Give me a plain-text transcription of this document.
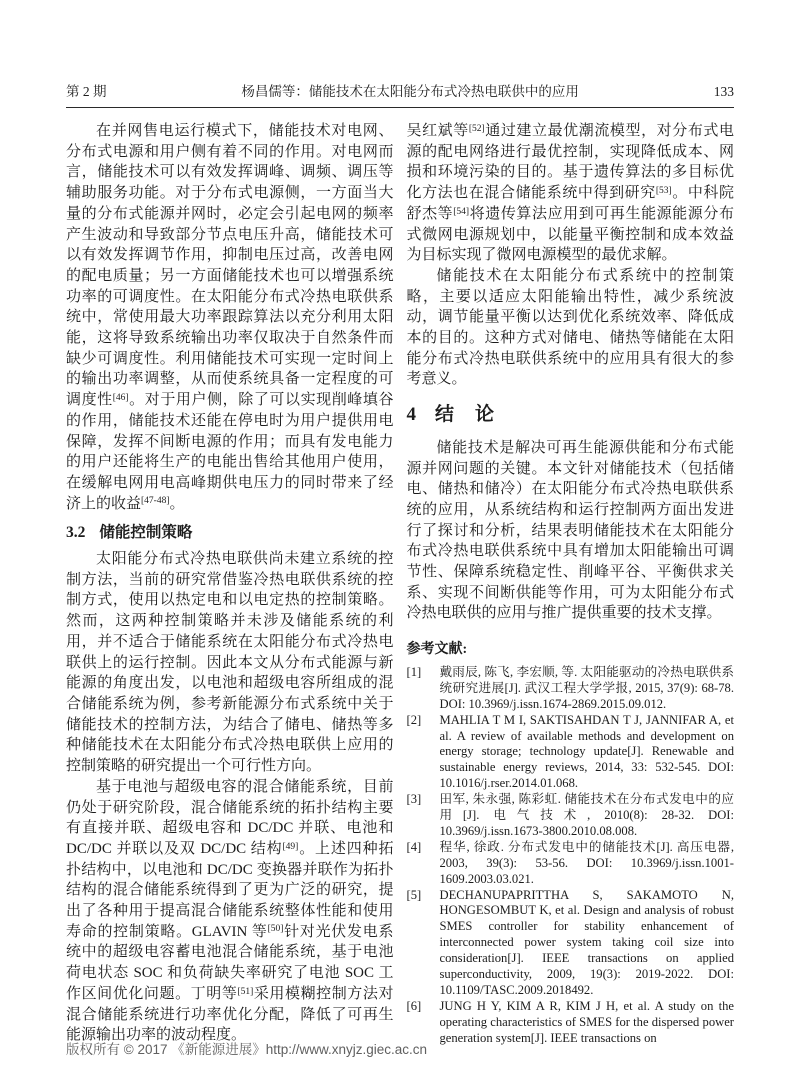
第 2 期	杨昌儒等：储能技术在太阳能分布式冷热电联供中的应用	133

在并网售电运行模式下，储能技术对电网、分布式电源和用户侧有着不同的作用。对电网而言，储能技术可以有效发挥调峰、调频、调压等辅助服务功能。对于分布式电源侧，一方面当大量的分布式能源并网时，必定会引起电网的频率产生波动和导致部分节点电压升高，储能技术可以有效发挥调节作用，抑制电压过高，改善电网的配电质量；另一方面储能技术也可以增强系统功率的可调度性。在太阳能分布式冷热电联供系统中，常使用最大功率跟踪算法以充分利用太阳能，这将导致系统输出功率仅取决于自然条件而缺少可调度性。利用储能技术可实现一定时间上的输出功率调整，从而使系统具备一定程度的可调度性[46]。对于用户侧，除了可以实现削峰填谷的作用，储能技术还能在停电时为用户提供用电保障，发挥不间断电源的作用；而具有发电能力的用户还能将生产的电能出售给其他用户使用，在缓解电网用电高峰期供电压力的同时带来了经济上的收益[47-48]。

3.2 储能控制策略

太阳能分布式冷热电联供尚未建立系统的控制方法，当前的研究常借鉴冷热电联供系统的控制方式，使用以热定电和以电定热的控制策略。然而，这两种控制策略并未涉及储能系统的利用，并不适合于储能系统在太阳能分布式冷热电联供上的运行控制。因此本文从分布式能源与新能源的角度出发，以电池和超级电容所组成的混合储能系统为例，参考新能源分布式系统中关于储能技术的控制方法，为结合了储电、储热等多种储能技术在太阳能分布式冷热电联供上应用的控制策略的研究提出一个可行性方向。

基于电池与超级电容的混合储能系统，目前仍处于研究阶段，混合储能系统的拓扑结构主要有直接并联、超级电容和 DC/DC 并联、电池和 DC/DC 并联以及双 DC/DC 结构[49]。上述四种拓扑结构中，以电池和 DC/DC 变换器并联作为拓扑结构的混合储能系统得到了更为广泛的研究，提出了各种用于提高混合储能系统整体性能和使用寿命的控制策略。GLAVIN 等[50]针对光伏发电系统中的超级电容蓄电池混合储能系统，基于电池荷电状态 SOC 和负荷缺失率研究了电池 SOC 工作区间优化问题。丁明等[51]采用模糊控制方法对混合储能系统进行功率优化分配，降低了可再生能源输出功率的波动程度。

吴红斌等[52]通过建立最优潮流模型，对分布式电源的配电网络进行最优控制，实现降低成本、网损和环境污染的目的。基于遗传算法的多目标优化方法也在混合储能系统中得到研究[53]。中科院舒杰等[54]将遗传算法应用到可再生能源能源分布式微网电源规划中，以能量平衡控制和成本效益为目标实现了微网电源模型的最优求解。

储能技术在太阳能分布式系统中的控制策略，主要以适应太阳能输出特性，减少系统波动，调节能量平衡以达到优化系统效率、降低成本的目的。这种方式对储电、储热等储能在太阳能分布式冷热电联供系统中的应用具有很大的参考意义。

4 结　论

储能技术是解决可再生能源供能和分布式能源并网问题的关键。本文针对储能技术（包括储电、储热和储冷）在太阳能分布式冷热电联供系统的应用，从系统结构和运行控制两方面出发进行了探讨和分析，结果表明储能技术在太阳能分布式冷热电联供系统中具有增加太阳能输出可调节性、保障系统稳定性、削峰平谷、平衡供求关系、实现不间断供能等作用，可为太阳能分布式冷热电联供的应用与推广提供重要的技术支撑。

参考文献:
[1]	戴雨辰, 陈飞, 李宏顺, 等. 太阳能驱动的冷热电联供系统研究进展[J]. 武汉工程大学学报, 2015, 37(9): 68-78. DOI: 10.3969/j.issn.1674-2869.2015.09.012.
[2]	MAHLIA T M I, SAKTISAHDAN T J, JANNIFAR A, et al. A review of available methods and development on energy storage; technology update[J]. Renewable and sustainable energy reviews, 2014, 33: 532-545. DOI: 10.1016/j.rser.2014.01.068.
[3]	田军, 朱永强, 陈彩虹. 储能技术在分布式发电中的应用[J]. 电气技术, 2010(8): 28-32. DOI: 10.3969/j.issn.1673-3800.2010.08.008.
[4]	程华, 徐政. 分布式发电中的储能技术[J]. 高压电器, 2003, 39(3): 53-56. DOI: 10.3969/j.issn.1001-1609.2003.03.021.
[5]	DECHANUPAPRITTHA S, SAKAMOTO N, HONGESOMBUT K, et al. Design and analysis of robust SMES controller for stability enhancement of interconnected power system taking coil size into consideration[J]. IEEE transactions on applied superconductivity, 2009, 19(3): 2019-2022. DOI: 10.1109/TASC.2009.2018492.
[6]	JUNG H Y, KIM A R, KIM J H, et al. A study on the operating characteristics of SMES for the dispersed power generation system[J]. IEEE transactions on
版权所有 © 2017 《新能源进展》http://www.xnyjz.giec.ac.cn
